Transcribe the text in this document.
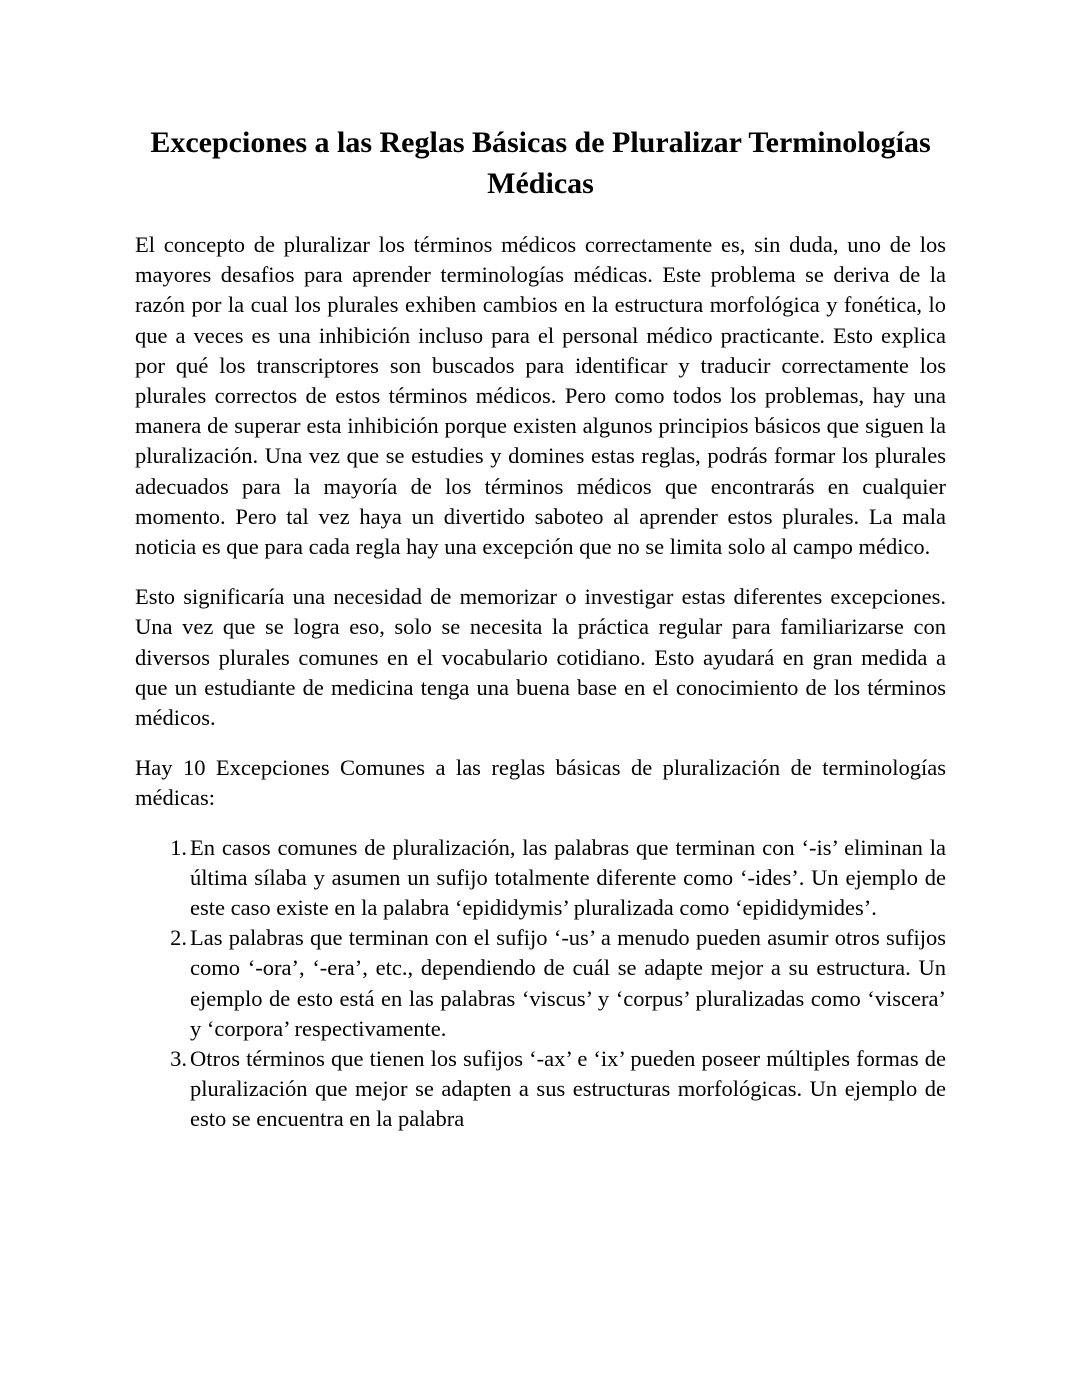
Excepciones a las Reglas Básicas de Pluralizar Terminologías Médicas

El concepto de pluralizar los términos médicos correctamente es, sin duda, uno de los mayores desafios para aprender terminologías médicas. Este problema se deriva de la razón por la cual los plurales exhiben cambios en la estructura morfológica y fonética, lo que a veces es una inhibición incluso para el personal médico practicante. Esto explica por qué los transcriptores son buscados para identificar y traducir correctamente los plurales correctos de estos términos médicos. Pero como todos los problemas, hay una manera de superar esta inhibición porque existen algunos principios básicos que siguen la pluralización. Una vez que se estudies y domines estas reglas, podrás formar los plurales adecuados para la mayoría de los términos médicos que encontrarás en cualquier momento. Pero tal vez haya un divertido saboteo al aprender estos plurales. La mala noticia es que para cada regla hay una excepción que no se limita solo al campo médico.

Esto significaría una necesidad de memorizar o investigar estas diferentes excepciones. Una vez que se logra eso, solo se necesita la práctica regular para familiarizarse con diversos plurales comunes en el vocabulario cotidiano. Esto ayudará en gran medida a que un estudiante de medicina tenga una buena base en el conocimiento de los términos médicos.

Hay 10 Excepciones Comunes a las reglas básicas de pluralización de terminologías médicas:

1. En casos comunes de pluralización, las palabras que terminan con ‘-is’ eliminan la última sílaba y asumen un sufijo totalmente diferente como ‘-ides’. Un ejemplo de este caso existe en la palabra ‘epididymis’ pluralizada como ‘epididymides’.
2. Las palabras que terminan con el sufijo ‘-us’ a menudo pueden asumir otros sufijos como ‘-ora’, ‘-era’, etc., dependiendo de cuál se adapte mejor a su estructura. Un ejemplo de esto está en las palabras ‘viscus’ y ‘corpus’ pluralizadas como ‘viscera’ y ‘corpora’ respectivamente.
3. Otros términos que tienen los sufijos ‘-ax’ e ‘ix’ pueden poseer múltiples formas de pluralización que mejor se adapten a sus estructuras morfológicas. Un ejemplo de esto se encuentra en la palabra
